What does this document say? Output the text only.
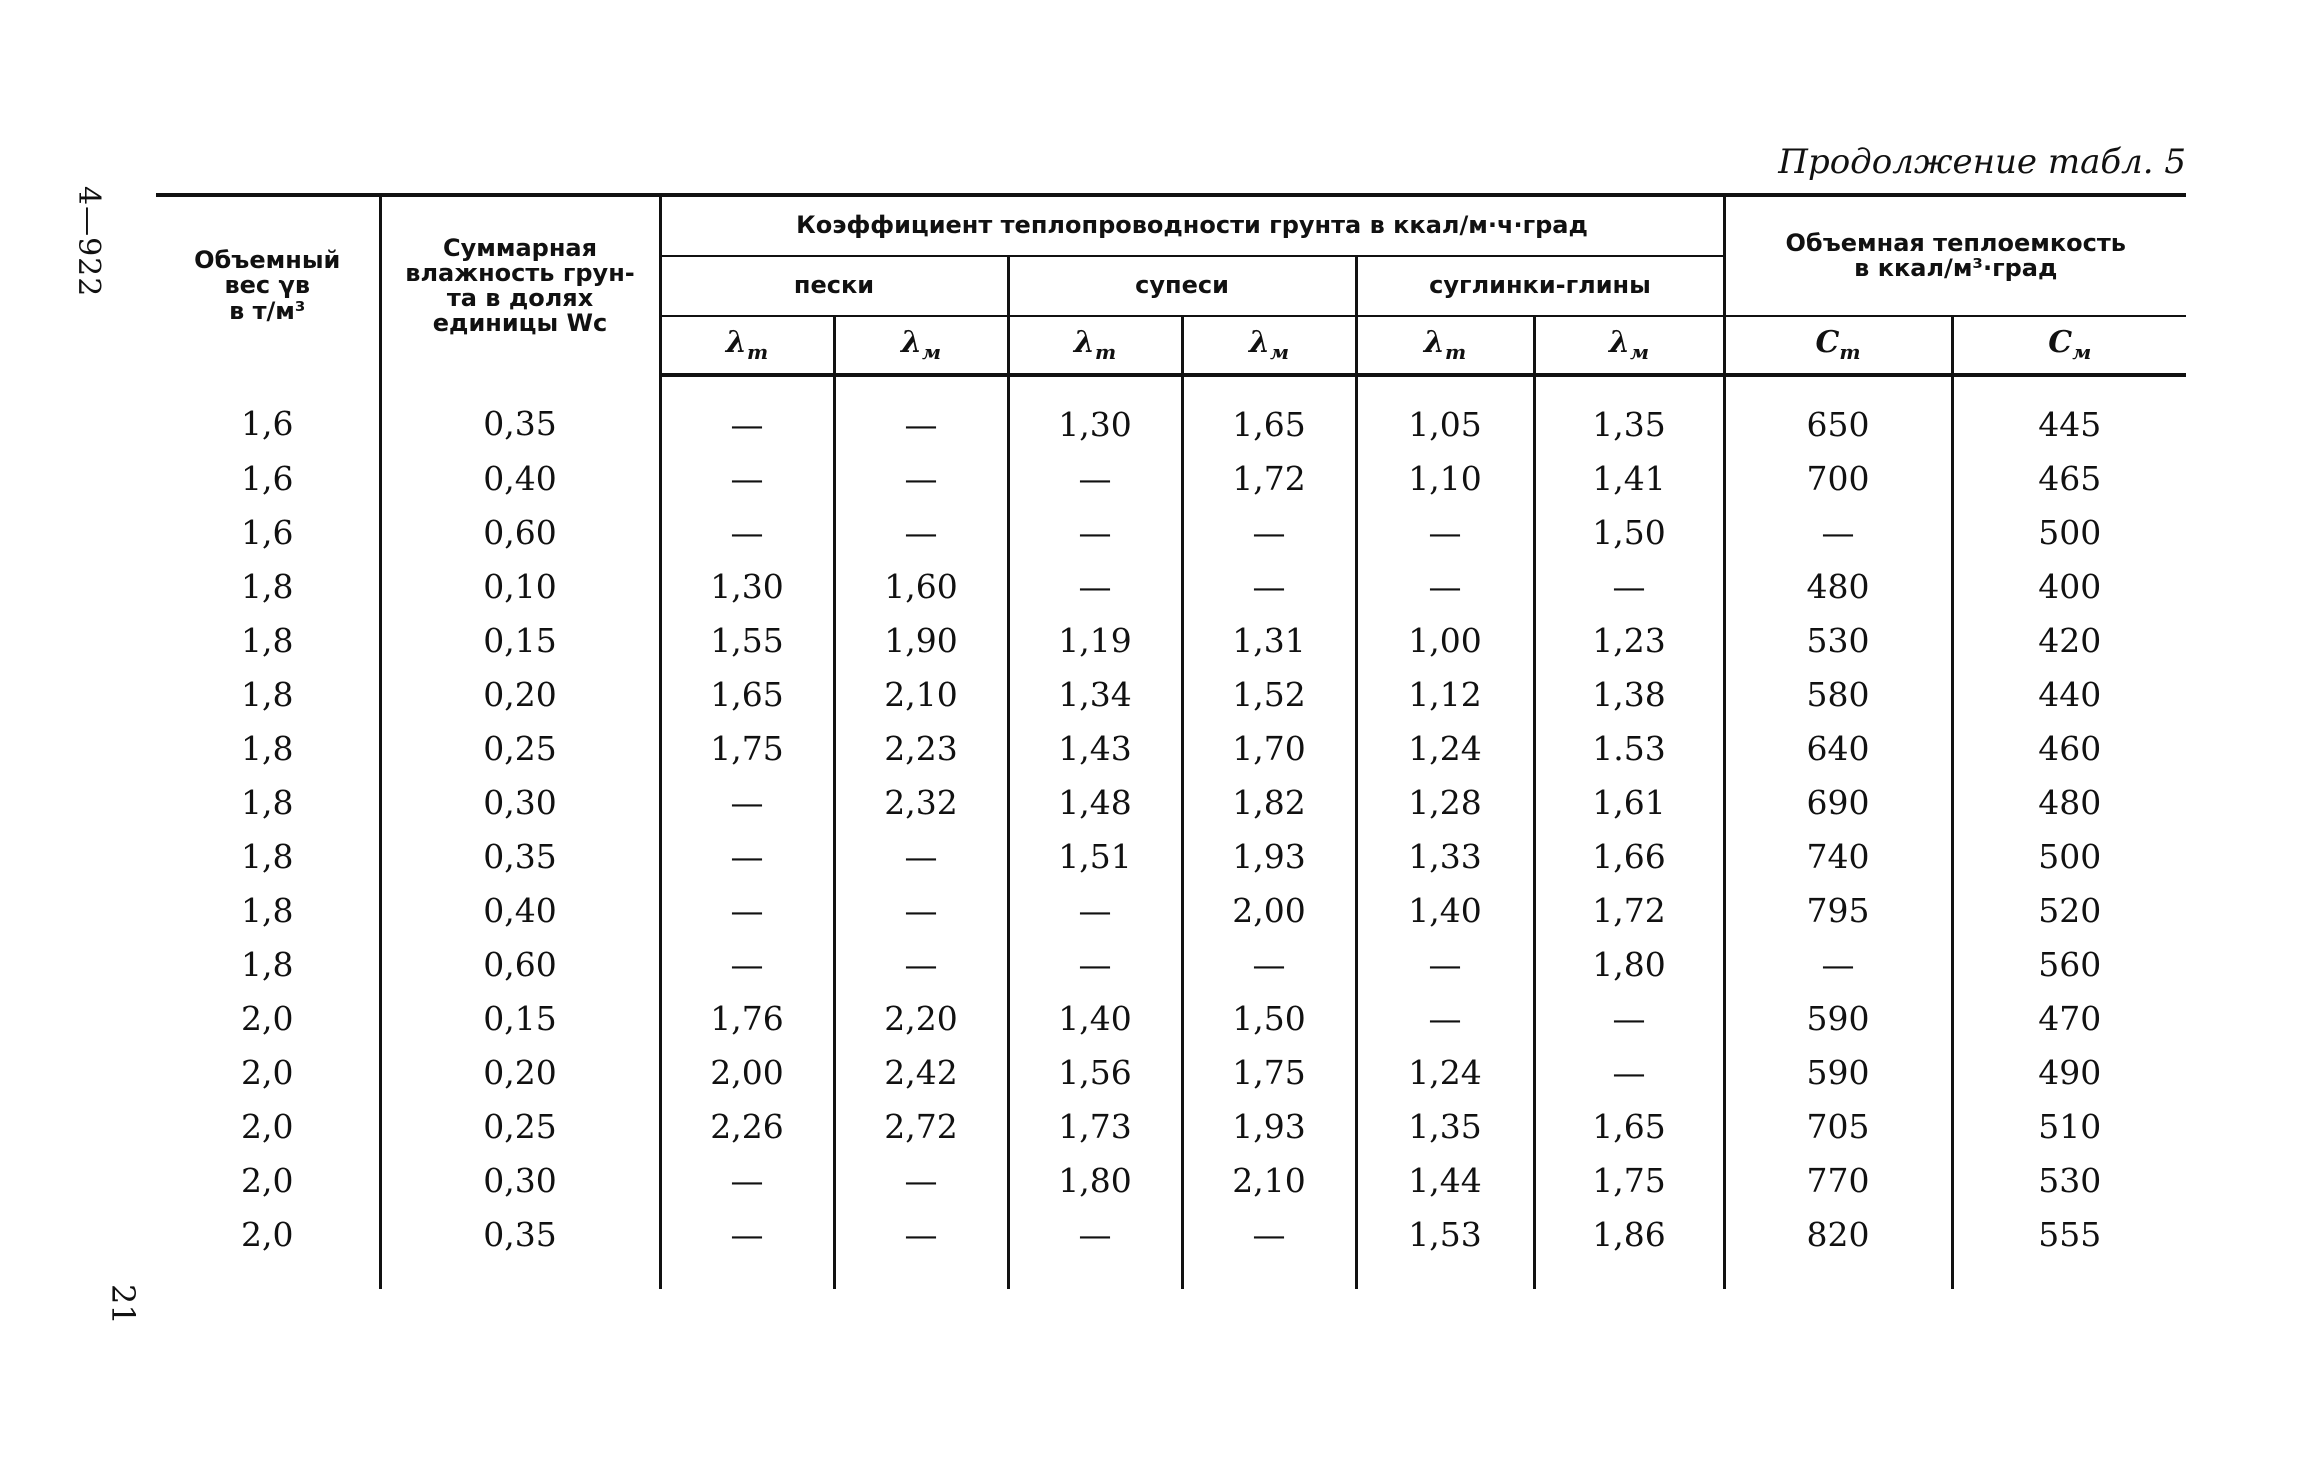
4—922
21
Продолжение табл. 5
Объемный
вес γв
в т/м³	Суммарная
влажность грун-
та в долях
единицы Wс	Коэффициент теплопроводности грунта в ккал/м·ч·град						Объемная теплоемкость
в ккал/м³·град	
		пески		супеси		суглинки-глины			
		$\lambda_т$	$\lambda_м$	$\lambda_т$	$\lambda_м$	$\lambda_т$	$\lambda_м$	$C_т$	$C_м$
1,6	0,35	—	—	1,30	1,65	1,05	1,35	650	445
1,6	0,40	—	—	—	1,72	1,10	1,41	700	465
1,6	0,60	—	—	—	—	—	1,50	—	500
1,8	0,10	1,30	1,60	—	—	—	—	480	400
1,8	0,15	1,55	1,90	1,19	1,31	1,00	1,23	530	420
1,8	0,20	1,65	2,10	1,34	1,52	1,12	1,38	580	440
1,8	0,25	1,75	2,23	1,43	1,70	1,24	1.53	640	460
1,8	0,30	—	2,32	1,48	1,82	1,28	1,61	690	480
1,8	0,35	—	—	1,51	1,93	1,33	1,66	740	500
1,8	0,40	—	—	—	2,00	1,40	1,72	795	520
1,8	0,60	—	—	—	—	—	1,80	—	560
2,0	0,15	1,76	2,20	1,40	1,50	—	—	590	470
2,0	0,20	2,00	2,42	1,56	1,75	1,24	—	590	490
2,0	0,25	2,26	2,72	1,73	1,93	1,35	1,65	705	510
2,0	0,30	—	—	1,80	2,10	1,44	1,75	770	530
2,0	0,35	—	—	—	—	1,53	1,86	820	555
